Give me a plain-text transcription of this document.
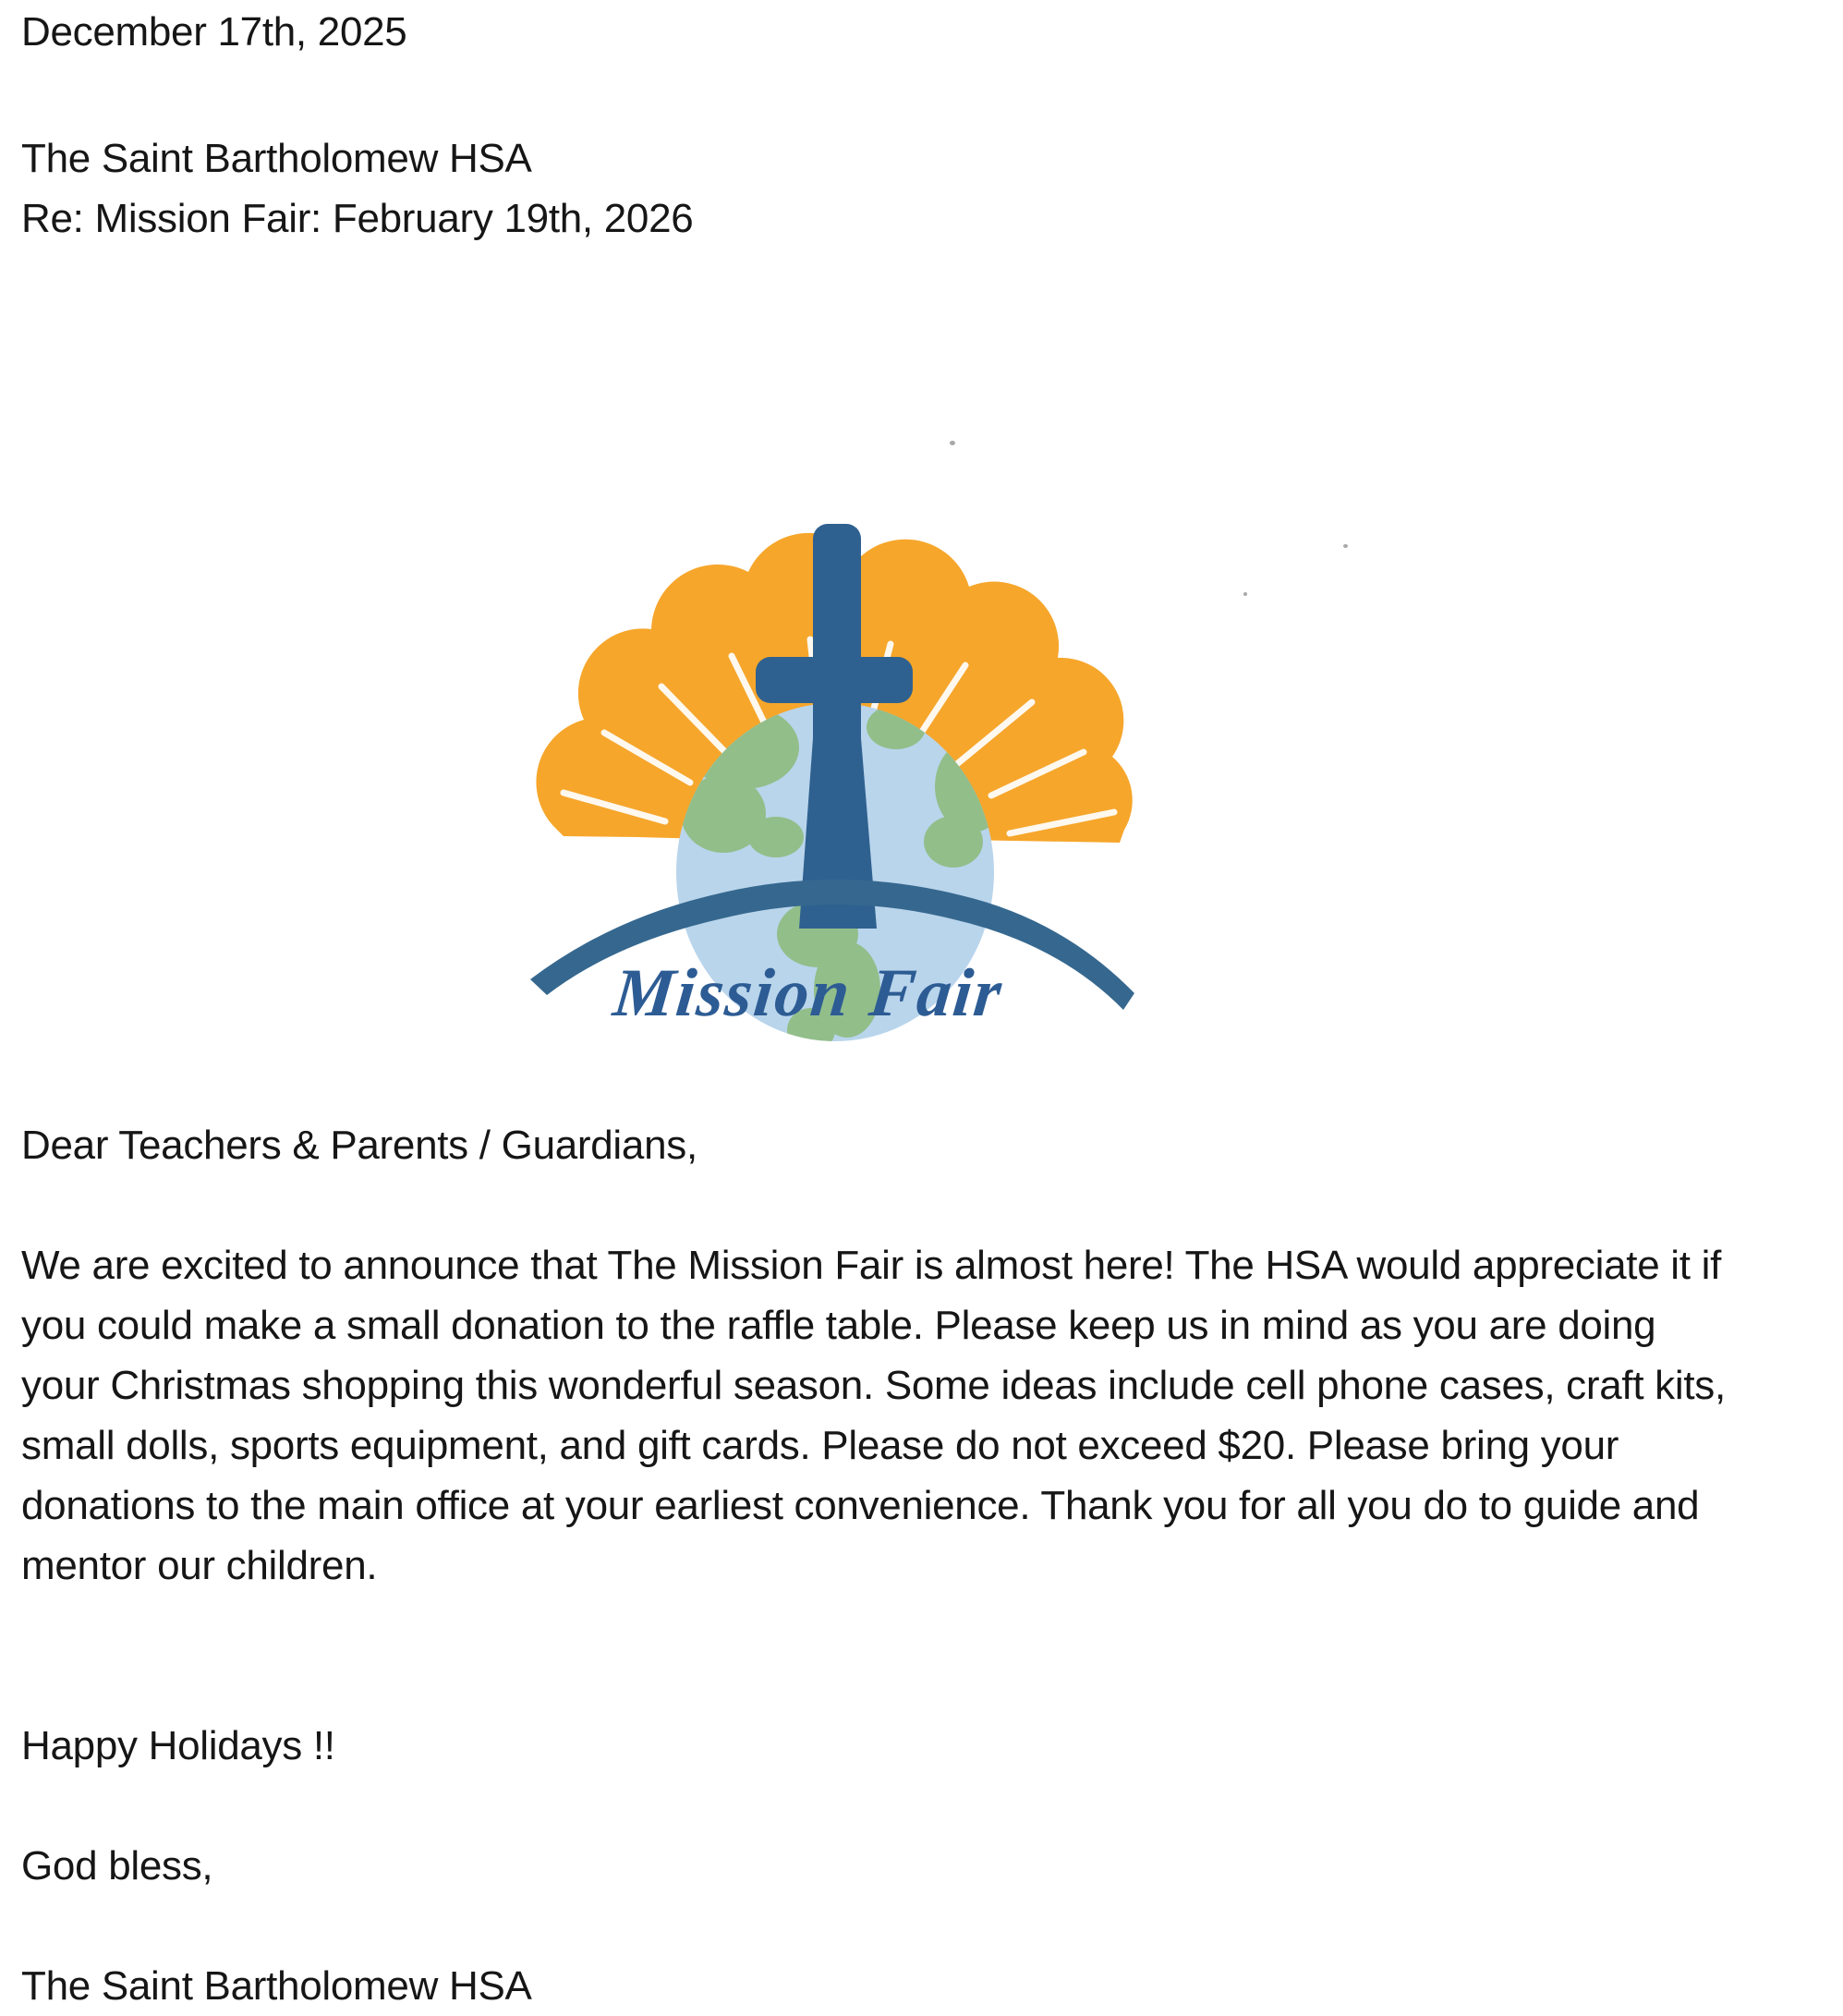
December 17th, 2025
The Saint Bartholomew HSA
Re: Mission Fair: February 19th, 2026
Mission Fair
Dear Teachers & Parents / Guardians,
We are excited to announce that The Mission Fair is almost here! The HSA would appreciate it if
you could make a small donation to the raffle table. Please keep us in mind as you are doing
your Christmas shopping this wonderful season. Some ideas include cell phone cases, craft kits,
small dolls, sports equipment, and gift cards. Please do not exceed $20. Please bring your
donations to the main office at your earliest convenience. Thank you for all you do to guide and
mentor our children.
Happy Holidays !!
God bless,
The Saint Bartholomew HSA
